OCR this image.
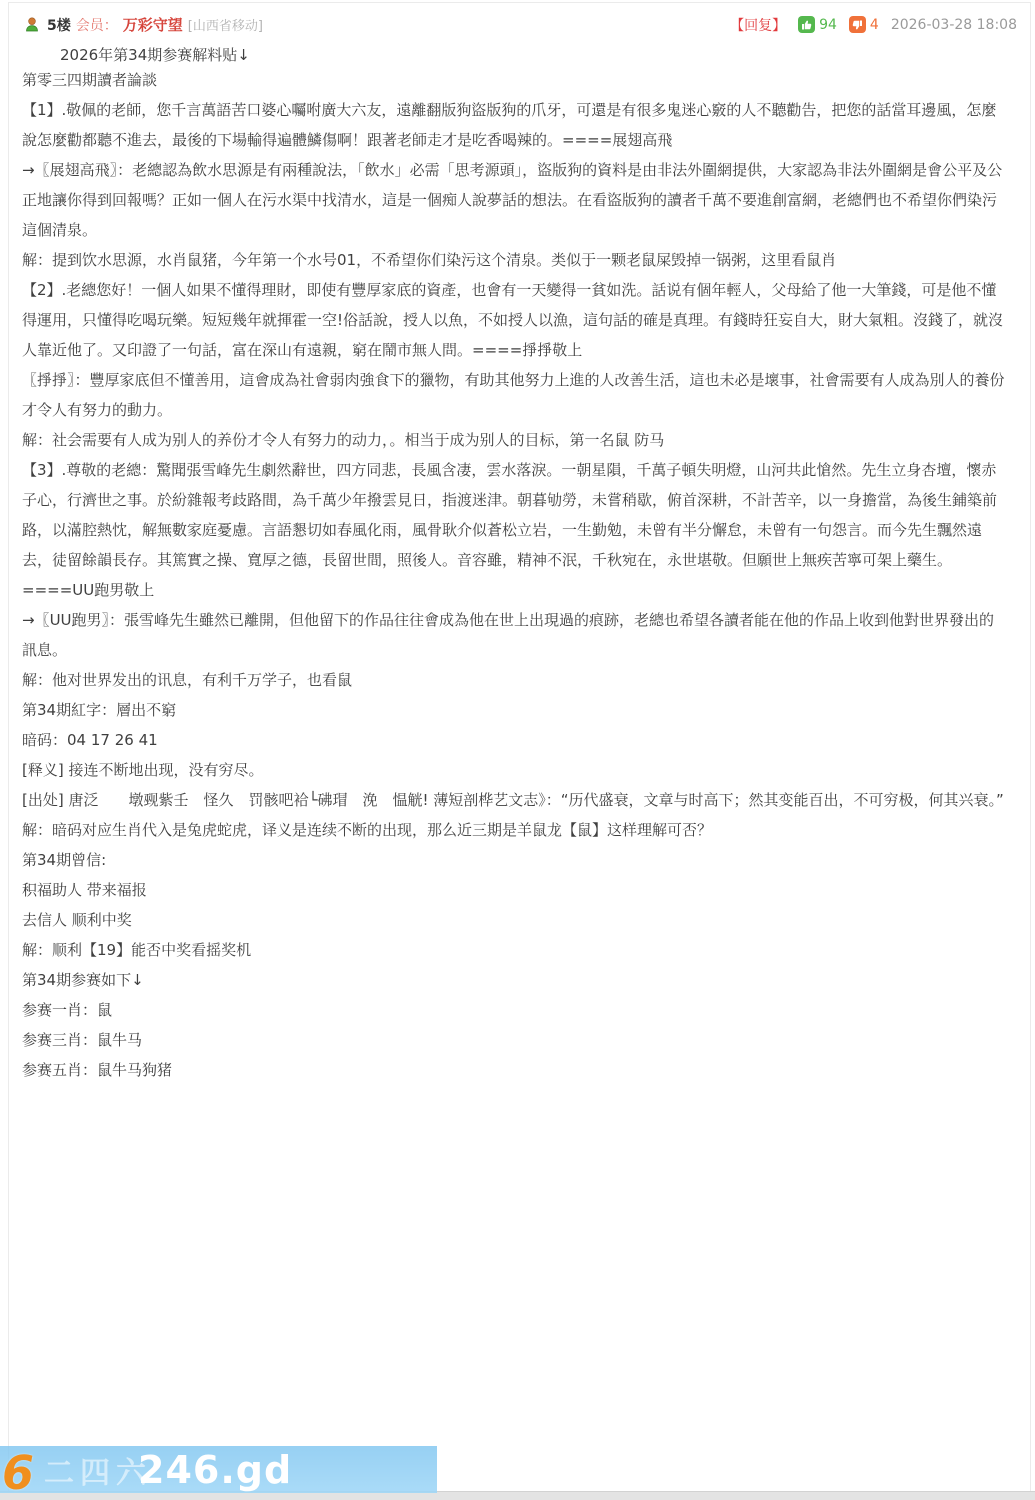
5楼 会员： 万彩守望 [山西省移动]	【回复】 94 4 2026-03-28 18:08
2026年第34期参赛解料贴↓

第零三四期讀者論談

【1】.敬佩的老師，您千言萬語苦口婆心囑咐廣大六友，遠離翻版狗盜版狗的爪牙，可還是有很多鬼迷心竅的人不聽勸告，把您的話當耳邊風，怎麼說怎麼勸都聽不進去，最後的下場輸得遍體鱗傷啊！跟著老師走才是吃香喝辣的。====展翅高飛

→〖展翅高飛〗：老總認為飲水思源是有兩種說法，「飲水」必需「思考源頭」，盜版狗的資料是由非法外圍網提供，大家認為非法外圍網是會公平及公正地讓你得到回報嗎？正如一個人在污水渠中找清水，這是一個痴人說夢話的想法。在看盜版狗的讀者千萬不要進創富網，老總們也不希望你們染污這個清泉。

解：提到饮水思源，水肖鼠猪，今年第一个水号01，不希望你们染污这个清泉。类似于一颗老鼠屎毁掉一锅粥，这里看鼠肖

【2】.老總您好！一個人如果不懂得理財，即使有豐厚家底的資產，也會有一天變得一貧如洗。話说有個年輕人，父母給了他一大筆錢，可是他不懂得運用，只懂得吃喝玩樂。短短幾年就揮霍一空!俗話說，授人以魚，不如授人以漁，這句話的確是真理。有錢時狂妄自大，財大氣粗。沒錢了，就沒人靠近他了。又印證了一句話，富在深山有遠親，窮在鬧市無人問。====掙掙敬上

〖掙掙〗：豐厚家底但不懂善用，這會成為社會弱肉強食下的獵物，有助其他努力上進的人改善生活，這也未必是壞事，社會需要有人成為別人的養份才令人有努力的動力。

解：社会需要有人成为别人的养份才令人有努力的动力，。相当于成为别人的目标，第一名鼠 防马

【3】.尊敬的老總：驚聞張雪峰先生劇然辭世，四方同悲，長風含凄，雲水落淚。一朝星隕，千萬子頓失明燈，山河共此愴然。先生立身杏壇，懷赤子心，行濟世之事。於紛雜報考歧路間，為千萬少年撥雲見日，指渡迷津。朝暮劬勞，未嘗稍歇，俯首深耕，不計苦辛，以一身擔當，為後生鋪築前路，以滿腔熱忱，解無數家庭憂慮。言語懇切如春風化雨，風骨耿介似蒼松立岩，一生勤勉，未曾有半分懈怠，未曾有一句怨言。而今先生飄然遠去，徒留餘韻長存。其篤實之操、寬厚之德，長留世間，照後人。音容雖，精神不泯，千秋宛在，永世堪敬。但願世上無疾苦寧可架上藥生。====UU跑男敬上

→〖UU跑男〗：張雪峰先生雖然已離開，但他留下的作品往往會成為他在世上出現過的痕跡，老總也希望各讀者能在他的作品上收到他對世界發出的訊息。

解：他对世界发出的讯息，有利千万学子，也看鼠

第34期紅字：層出不窮

暗码：04 17 26 41

[释义] 接连不断地出现，没有穷尽。

[出处] 唐泛　　墩觋紫壬　怪久　罚骸吧袷└砩瑁　浼　愠觥! 薄短剖桦艺文志》：“历代盛衰，文章与时高下；然其变能百出，不可穷极，何其兴衰。”

解：暗码对应生肖代入是兔虎蛇虎，译义是连续不断的出现，那么近三期是羊鼠龙【鼠】这样理解可否？

第34期曾信:

积福助人 带来福报

去信人 顺利中奖

解：顺利【19】能否中奖看摇奖机

第34期参赛如下↓

参赛一肖：鼠

参赛三肖：鼠牛马

参赛五肖：鼠牛马狗猪

6 二四六
246.gd
